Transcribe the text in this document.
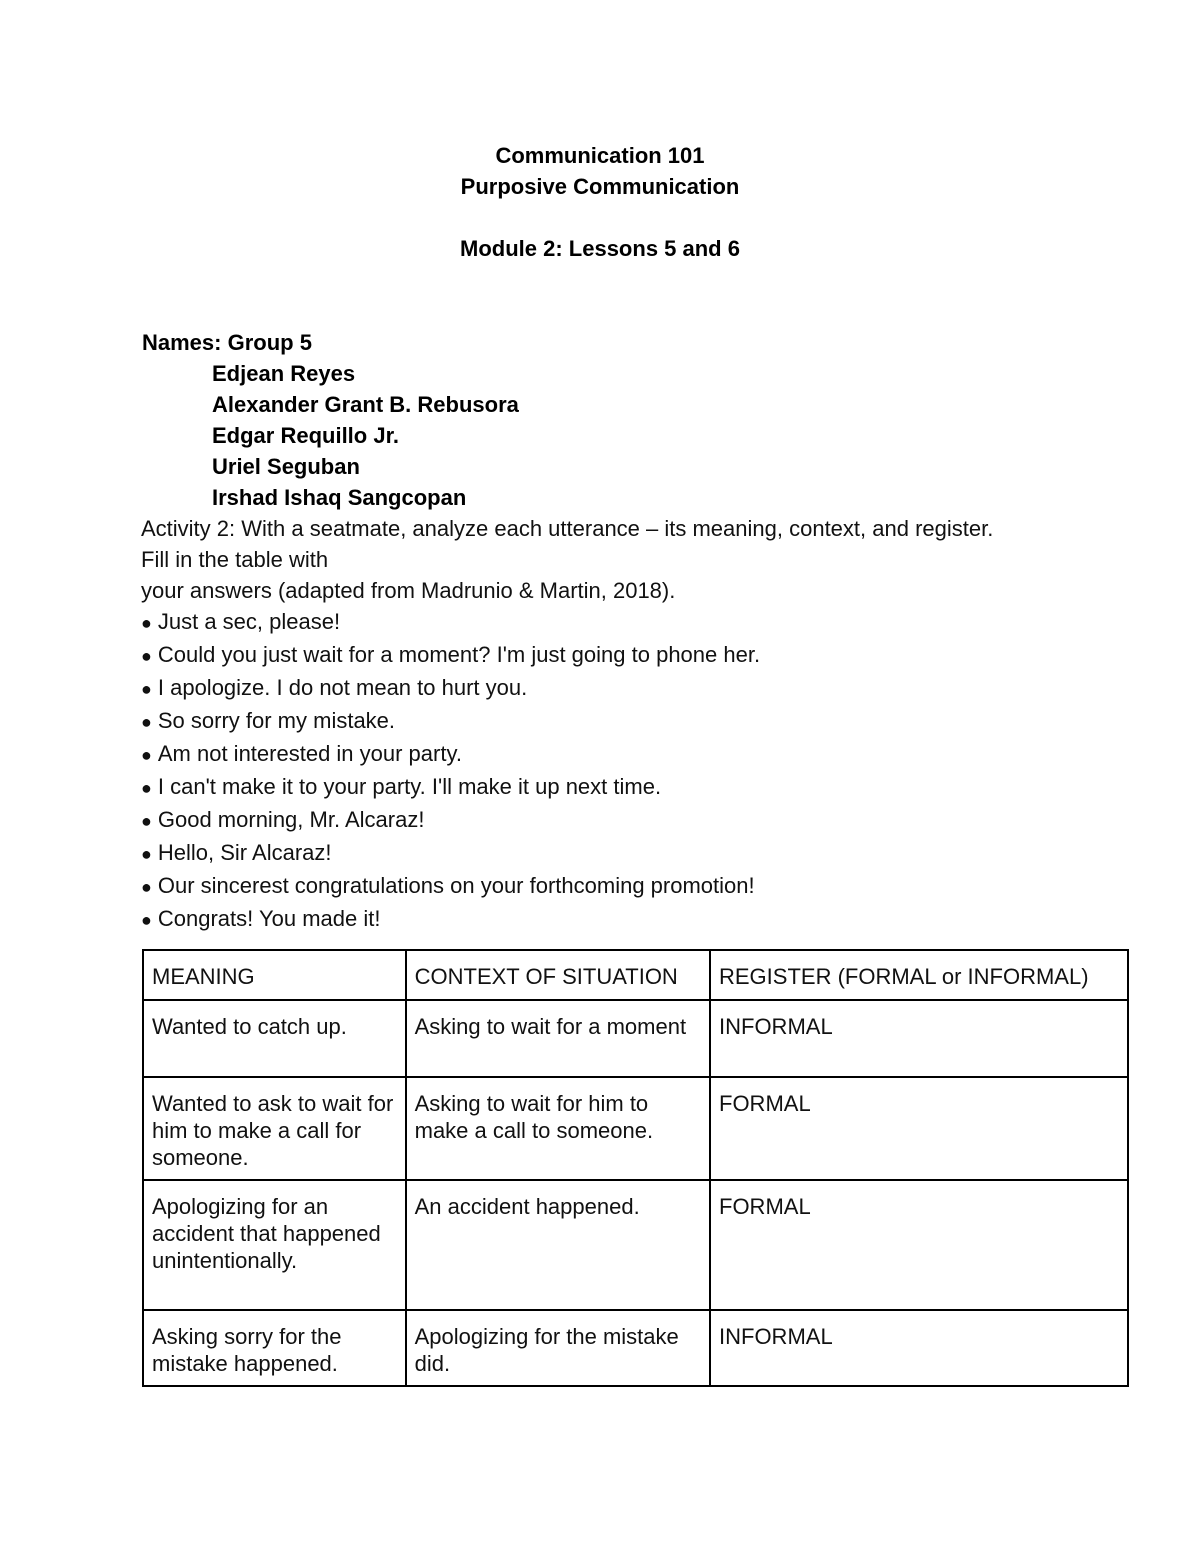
Communication 101
Purposive Communication
Module 2: Lessons 5 and 6
Names: Group 5
Edjean Reyes
Alexander Grant B. Rebusora
Edgar Requillo Jr.
Uriel Seguban
Irshad Ishaq Sangcopan
Activity 2: With a seatmate, analyze each utterance – its meaning, context, and register.
Fill in the table with
your answers (adapted from Madrunio & Martin, 2018).
● Just a sec, please!
● Could you just wait for a moment? I'm just going to phone her.
● I apologize. I do not mean to hurt you.
● So sorry for my mistake.
● Am not interested in your party.
● I can't make it to your party. I'll make it up next time.
● Good morning, Mr. Alcaraz!
● Hello, Sir Alcaraz!
● Our sincerest congratulations on your forthcoming promotion!
● Congrats! You made it!
MEANING	CONTEXT OF SITUATION	REGISTER (FORMAL or INFORMAL)
Wanted to catch up.	Asking to wait for a moment	INFORMAL
Wanted to ask to wait for him to make a call for someone.	Asking to wait for him to make a call to someone.	FORMAL
Apologizing for an accident that happened unintentionally.	An accident happened.	FORMAL
Asking sorry for the mistake happened.	Apologizing for the mistake did.	INFORMAL
